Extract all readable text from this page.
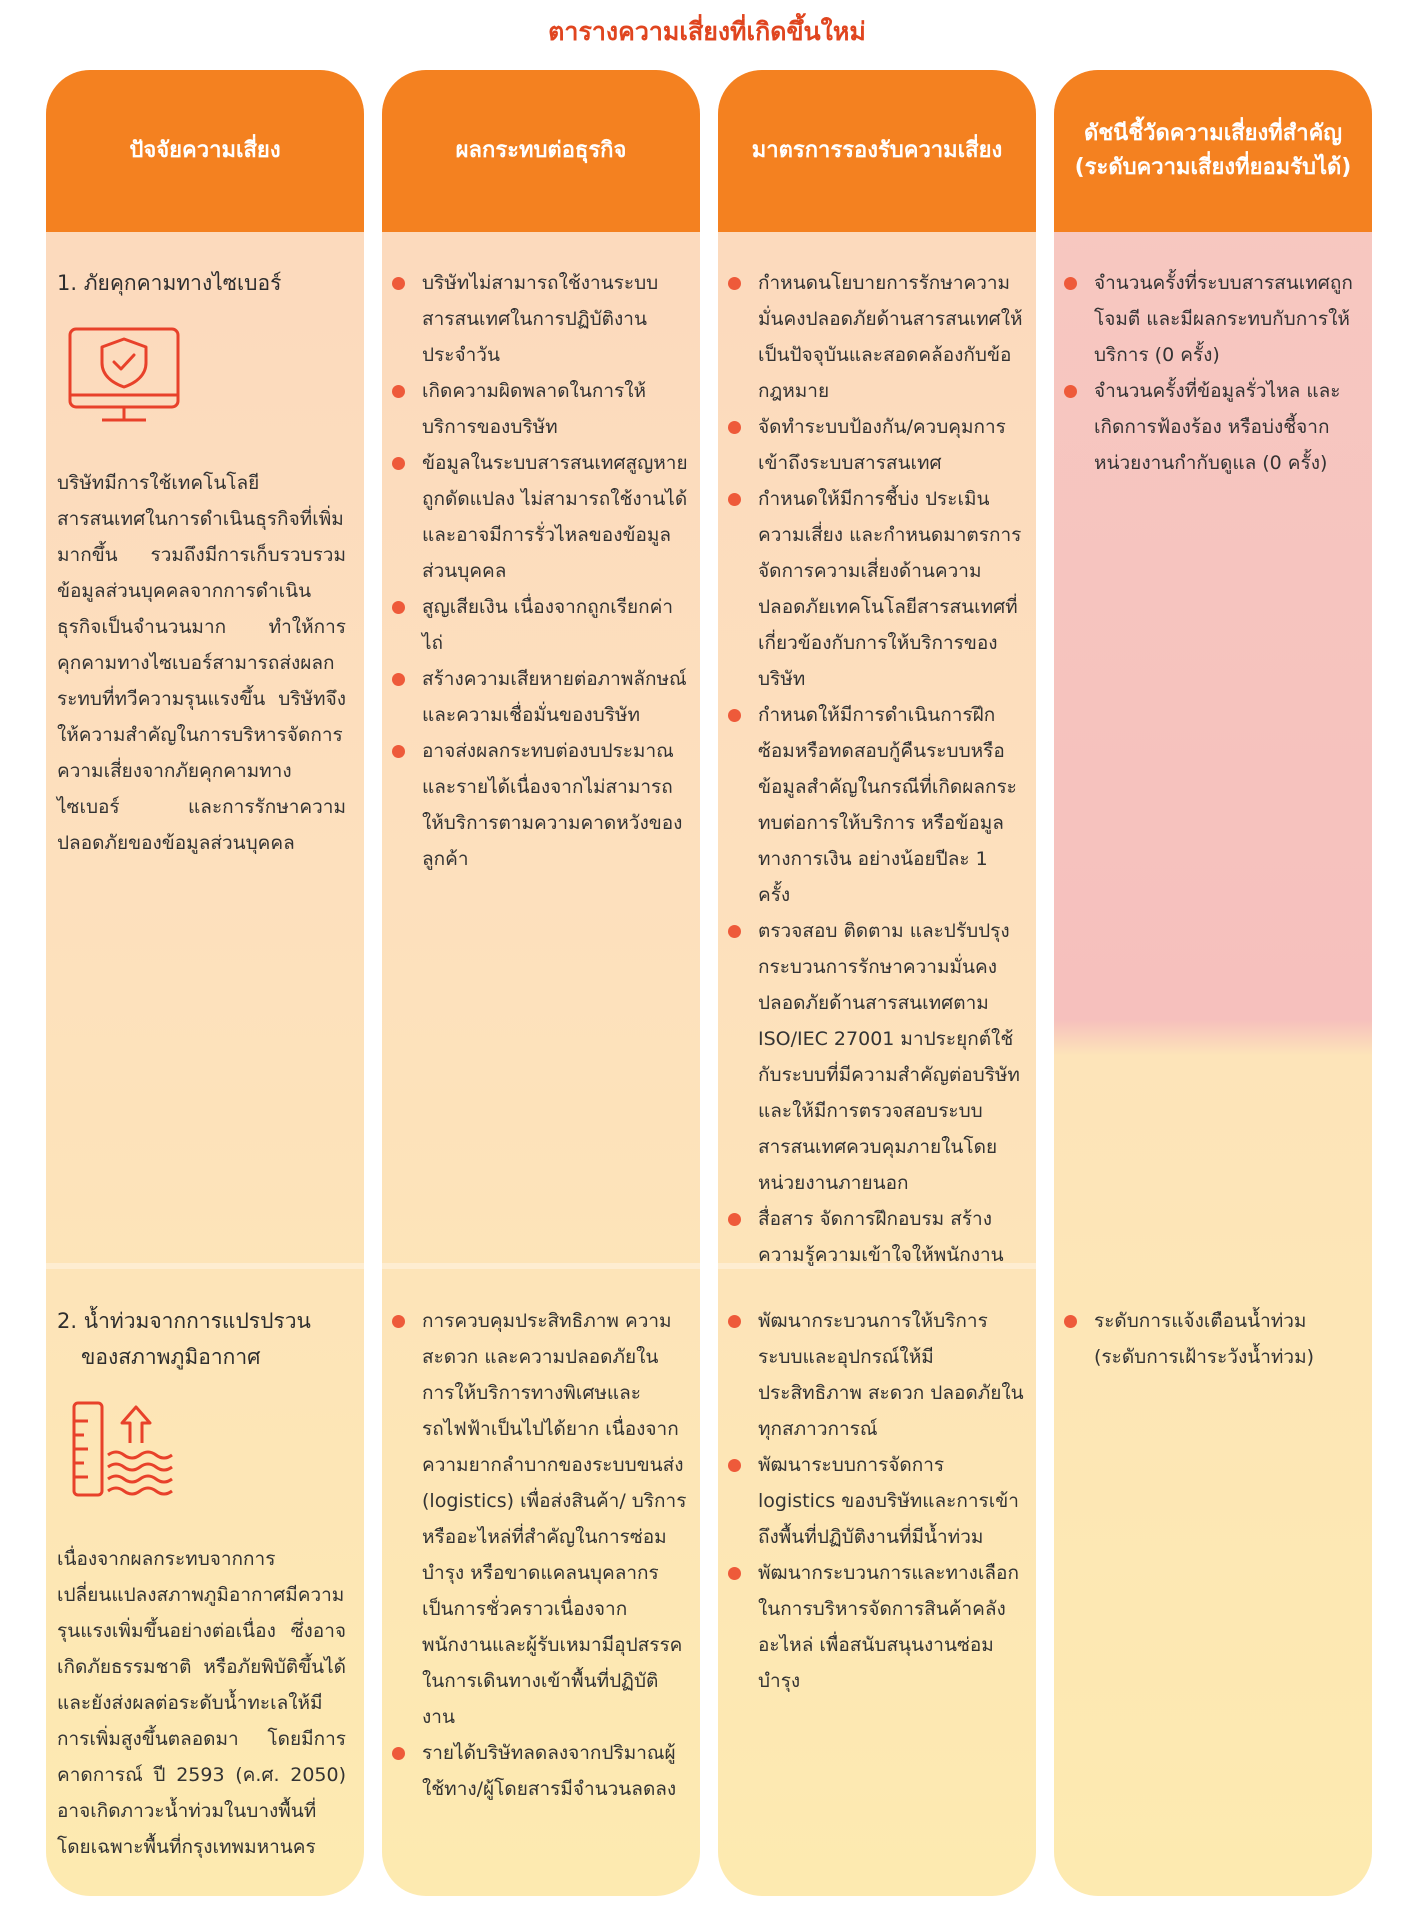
ตารางความเสี่ยงที่เกิดขึ้นใหม่
ปัจจัยความเสี่ยง
1. ภัยคุกคามทางไซเบอร์
บริษัทมีการใช้เทคโนโลยีสารสนเทศในการดำเนินธุรกิจที่เพิ่มมากขึ้น รวมถึงมีการเก็บรวบรวมข้อมูลส่วนบุคคลจากการดำเนินธุรกิจเป็นจำนวนมาก ทำให้การคุกคามทางไซเบอร์สามารถส่งผลกระทบที่ทวีความรุนแรงขึ้น บริษัทจึงให้ความสำคัญในการบริหารจัดการความเสี่ยงจากภัยคุกคามทางไซเบอร์ และการรักษาความปลอดภัยของข้อมูลส่วนบุคคล
2. น้ำท่วมจากการแปรปรวน
ของสภาพภูมิอากาศ
เนื่องจากผลกระทบจากการเปลี่ยนแปลงสภาพภูมิอากาศมีความรุนแรงเพิ่มขึ้นอย่างต่อเนื่อง ซึ่งอาจเกิดภัยธรรมชาติ หรือภัยพิบัติขึ้นได้ และยังส่งผลต่อระดับน้ำทะเลให้มีการเพิ่มสูงขึ้นตลอดมา โดยมีการคาดการณ์ ปี 2593 (ค.ศ. 2050) อาจเกิดภาวะน้ำท่วมในบางพื้นที่ โดยเฉพาะพื้นที่กรุงเทพมหานคร
ผลกระทบต่อธุรกิจ
บริษัทไม่สามารถใช้งานระบบสารสนเทศในการปฏิบัติงานประจำวัน
เกิดความผิดพลาดในการให้บริการของบริษัท
ข้อมูลในระบบสารสนเทศสูญหาย ถูกดัดแปลง ไม่สามารถใช้งานได้ และอาจมีการรั่วไหลของข้อมูลส่วนบุคคล
สูญเสียเงิน เนื่องจากถูกเรียกค่าไถ่
สร้างความเสียหายต่อภาพลักษณ์และความเชื่อมั่นของบริษัท
อาจส่งผลกระทบต่องบประมาณและรายได้เนื่องจากไม่สามารถให้บริการตามความคาดหวังของลูกค้า
การควบคุมประสิทธิภาพ ความสะดวก และความปลอดภัยในการให้บริการทางพิเศษและรถไฟฟ้าเป็นไปได้ยาก เนื่องจากความยากลำบากของระบบขนส่ง (logistics) เพื่อส่งสินค้า/ บริการ หรืออะไหล่ที่สำคัญในการซ่อมบำรุง หรือขาดแคลนบุคลากรเป็นการชั่วคราวเนื่องจากพนักงานและผู้รับเหมามีอุปสรรคในการเดินทางเข้าพื้นที่ปฏิบัติงาน
รายได้บริษัทลดลงจากปริมาณผู้ใช้ทาง/ผู้โดยสารมีจำนวนลดลง
มาตรการรองรับความเสี่ยง
กำหนดนโยบายการรักษาความมั่นคงปลอดภัยด้านสารสนเทศให้เป็นปัจจุบันและสอดคล้องกับข้อกฎหมาย
จัดทำระบบป้องกัน/ควบคุมการเข้าถึงระบบสารสนเทศ
กำหนดให้มีการชี้บ่ง ประเมินความเสี่ยง และกำหนดมาตรการจัดการความเสี่ยงด้านความปลอดภัยเทคโนโลยีสารสนเทศที่เกี่ยวข้องกับการให้บริการของบริษัท
กำหนดให้มีการดำเนินการฝึกซ้อมหรือทดสอบกู้คืนระบบหรือข้อมูลสำคัญในกรณีที่เกิดผลกระทบต่อการให้บริการ หรือข้อมูลทางการเงิน อย่างน้อยปีละ 1 ครั้ง
ตรวจสอบ ติดตาม และปรับปรุงกระบวนการรักษาความมั่นคงปลอดภัยด้านสารสนเทศตาม ISO/IEC 27001 มาประยุกต์ใช้กับระบบที่มีความสำคัญต่อบริษัท และให้มีการตรวจสอบระบบสารสนเทศควบคุมภายในโดยหน่วยงานภายนอก
สื่อสาร จัดการฝึกอบรม สร้างความรู้ความเข้าใจให้พนักงาน
พัฒนากระบวนการให้บริการระบบและอุปกรณ์ให้มีประสิทธิภาพ สะดวก ปลอดภัยในทุกสภาวการณ์
พัฒนาระบบการจัดการ logistics ของบริษัทและการเข้าถึงพื้นที่ปฏิบัติงานที่มีน้ำท่วม
พัฒนากระบวนการและทางเลือกในการบริหารจัดการสินค้าคลังอะไหล่ เพื่อสนับสนุนงานซ่อมบำรุง
ดัชนีชี้วัดความเสี่ยงที่สำคัญ
(ระดับความเสี่ยงที่ยอมรับได้)
จำนวนครั้งที่ระบบสารสนเทศถูกโจมตี และมีผลกระทบกับการให้บริการ (0 ครั้ง)
จำนวนครั้งที่ข้อมูลรั่วไหล และเกิดการฟ้องร้อง หรือบ่งชี้จากหน่วยงานกำกับดูแล (0 ครั้ง)
ระดับการแจ้งเตือนน้ำท่วม (ระดับการเฝ้าระวังน้ำท่วม)
